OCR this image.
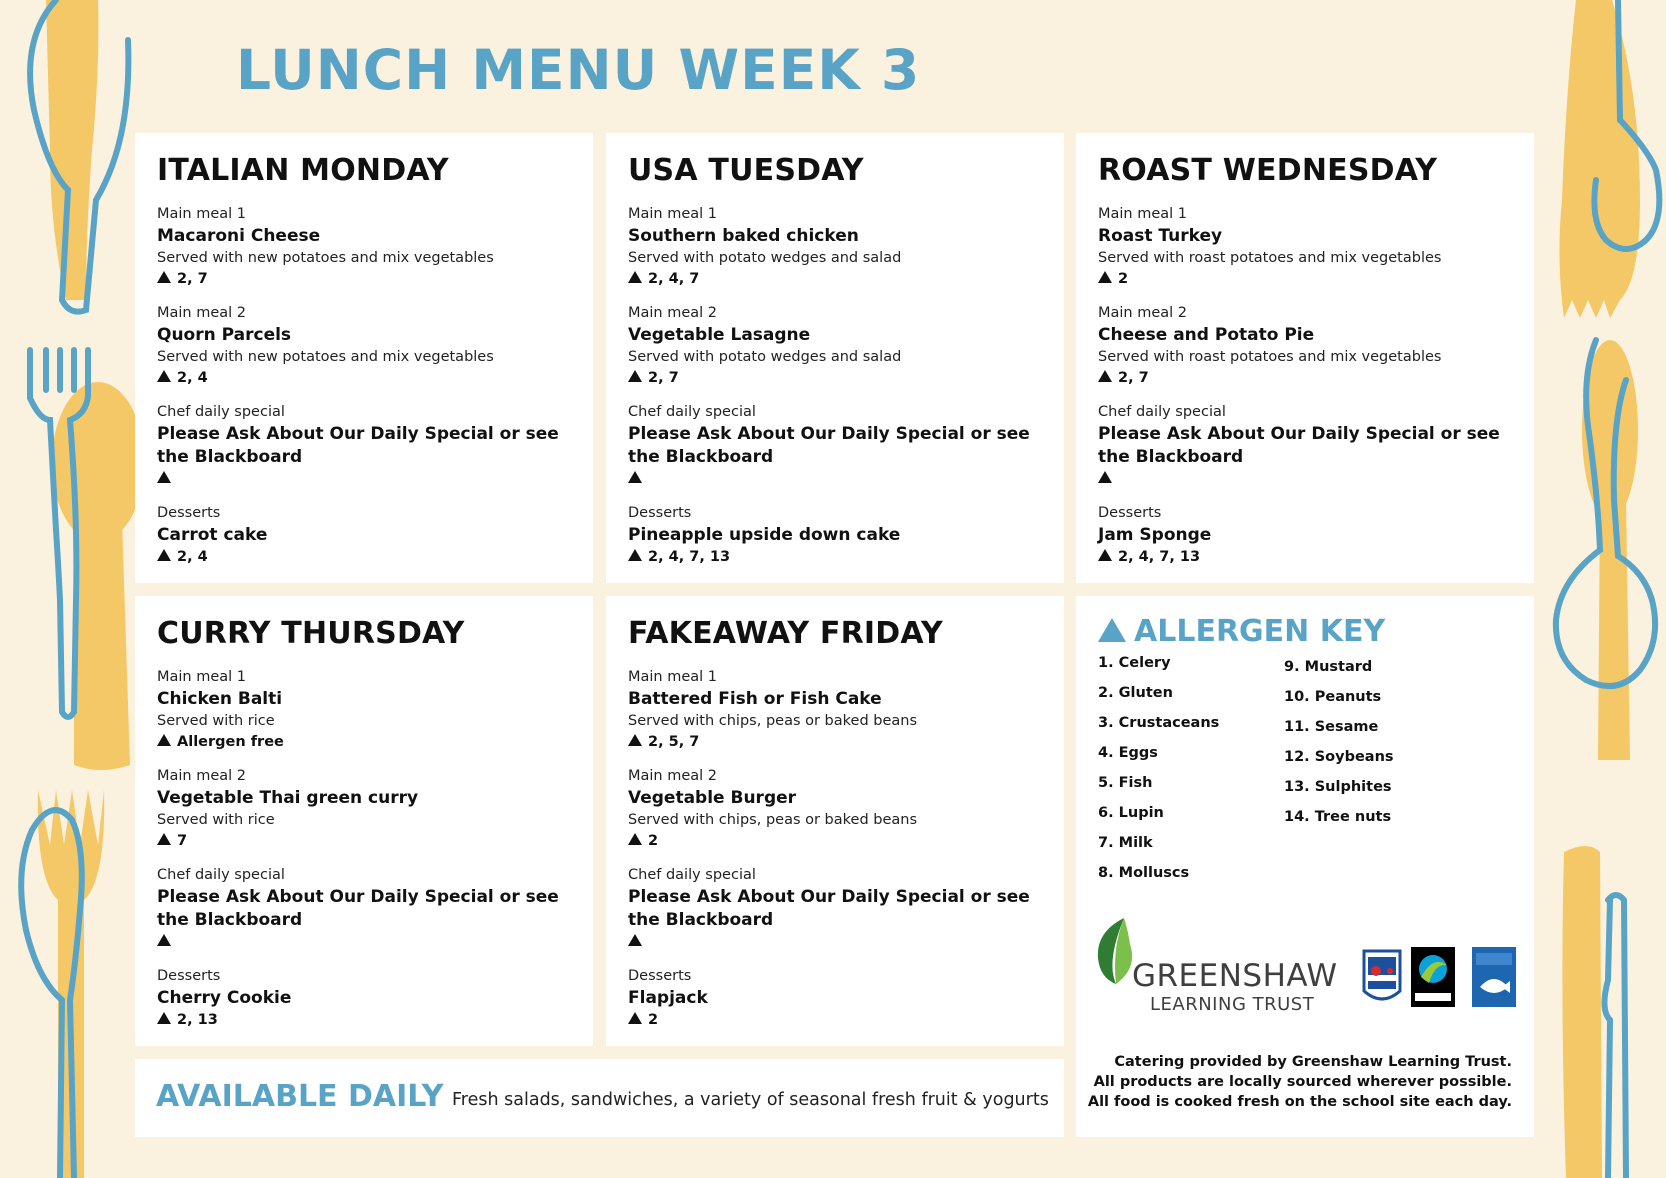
LUNCH MENU WEEK 3
ITALIAN MONDAY
Main meal 1
Macaroni Cheese
Served with new potatoes and mix vegetables
2, 7
Main meal 2
Quorn Parcels
Served with new potatoes and mix vegetables
2, 4
Chef daily special
Please Ask About Our Daily Special or see the Blackboard
Desserts
Carrot cake
2, 4
USA TUESDAY
Main meal 1
Southern baked chicken
Served with potato wedges and salad
2, 4, 7
Main meal 2
Vegetable Lasagne
Served with potato wedges and salad
2, 7
Chef daily special
Please Ask About Our Daily Special or see the Blackboard
Desserts
Pineapple upside down cake
2, 4, 7, 13
ROAST WEDNESDAY
Main meal 1
Roast Turkey
Served with roast potatoes and mix vegetables
2
Main meal 2
Cheese and Potato Pie
Served with roast potatoes and mix vegetables
2, 7
Chef daily special
Please Ask About Our Daily Special or see the Blackboard
Desserts
Jam Sponge
2, 4, 7, 13
CURRY THURSDAY
Main meal 1
Chicken Balti
Served with rice
Allergen free
Main meal 2
Vegetable Thai green curry
Served with rice
7
Chef daily special
Please Ask About Our Daily Special or see the Blackboard
Desserts
Cherry Cookie
2, 13
FAKEAWAY FRIDAY
Main meal 1
Battered Fish or Fish Cake
Served with chips, peas or baked beans
2, 5, 7
Main meal 2
Vegetable Burger
Served with chips, peas or baked beans
2
Chef daily special
Please Ask About Our Daily Special or see the Blackboard
Desserts
Flapjack
2
ALLERGEN KEY
1. Celery
2. Gluten
3. Crustaceans
4. Eggs
5. Fish
6. Lupin
7. Milk
8. Molluscs
9. Mustard
10. Peanuts
11. Sesame
12. Soybeans
13. Sulphites
14. Tree nuts
GREENSHAW
LEARNING TRUST
Catering provided by Greenshaw Learning Trust.
All products are locally sourced wherever possible.
All food is cooked fresh on the school site each day.
AVAILABLE DAILY Fresh salads, sandwiches, a variety of seasonal fresh fruit & yogurts
